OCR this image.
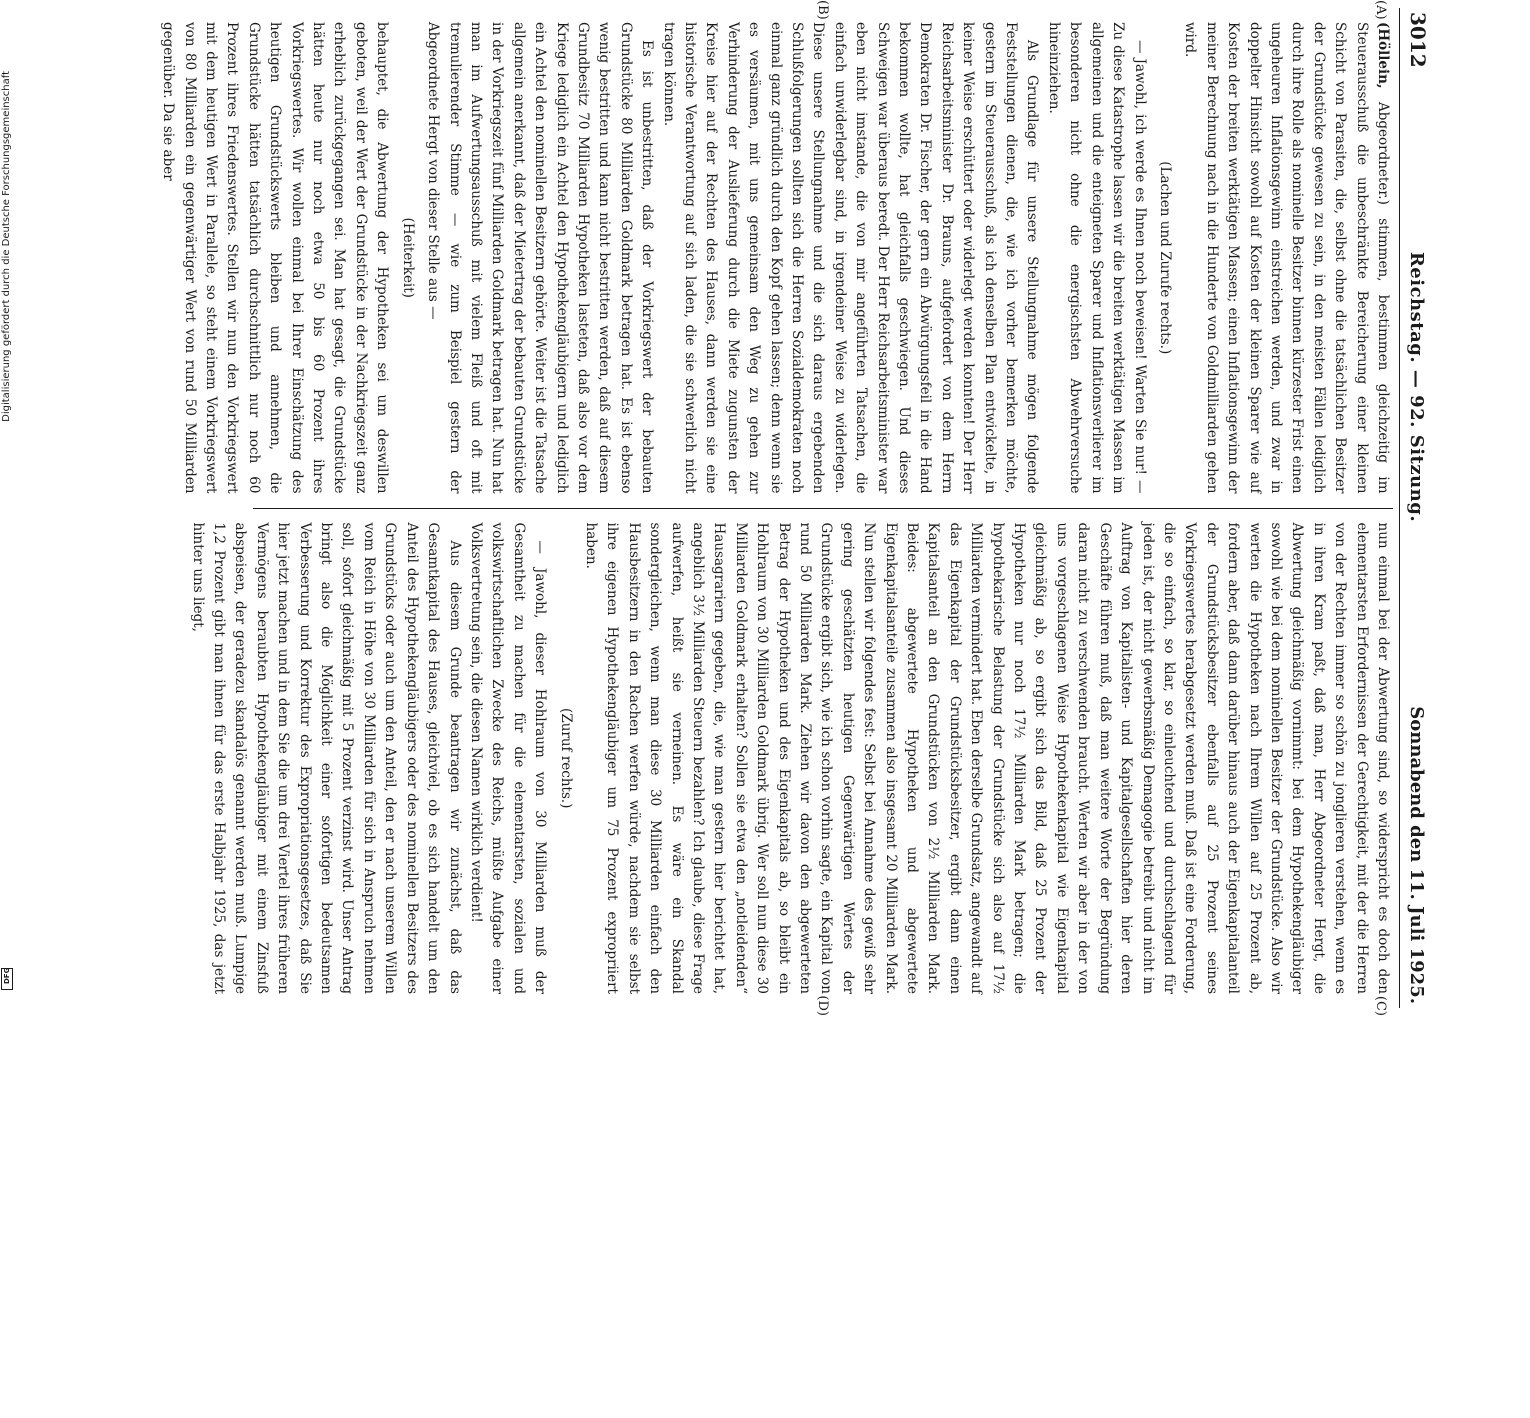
Digitalisierung gefördert durch die Deutsche Forschungsgemeinschaft
DFG
3012
Reichstag. — 92. Sitzung.
Sonnabend den 11. Juli 1925.
(A)
(B)

(Höllein, Abgeordneter.) stimmen, bestimmen gleichzeitig im Steuerausschuß die unbeschränkte Bereicherung einer kleinen Schicht von Parasiten, die, selbst ohne die tatsächlichen Besitzer der Grundstücke gewesen zu sein, in den meisten Fällen lediglich durch ihre Rolle als nominelle Besitzer binnen kürzester Frist einen ungeheuren Inflationsgewinn einstreichen werden, und zwar in doppelter Hinsicht sowohl auf Kosten der kleinen Sparer wie auf Kosten der breiten werktätigen Massen; einen Inflationsgewinn der meiner Berechnung nach in die Hunderte von Goldmilliarden gehen wird.

(Lachen und Zurufe rechts.)

— Jawohl, ich werde es Ihnen noch beweisen! Warten Sie nur! — Zu diese Katastrophe lassen wir die breiten werktätigen Massen im allgemeinen und die enteigneten Sparer und Inflationsverlierer im besonderen nicht ohne die energischsten Abwehrversuche hineinziehen.

Als Grundlage für unsere Stellungnahme mögen folgende Feststellungen dienen, die, wie ich vorher bemerken möchte, gestern im Steuerausschuß, als ich denselben Plan entwickelte, in keiner Weise erschüttert oder widerlegt werden konnten! Der Herr Reichsarbeitsminister Dr. Brauns, aufgefordert von dem Herrn Demokraten Dr. Fischer, der gern ein Abwürgungsfeil in die Hand bekommen wollte, hat gleichfalls geschwiegen. Und dieses Schweigen war überaus beredt. Der Herr Reichsarbeitsminister war eben nicht imstande, die von mir angeführten Tatsachen, die einfach unwiderlegbar sind, in irgendeiner Weise zu widerlegen. Diese unsere Stellungnahme und die sich daraus ergebenden Schlußfolgerungen sollten sich die Herren Sozialdemokraten noch einmal ganz gründlich durch den Kopf gehen lassen; denn wenn sie es versäumen, mit uns gemeinsam den Weg zu gehen zur Verhinderung der Auslieferung durch die Miete zugunsten der Kreise hier auf der Rechten des Hauses, dann werden sie eine historische Verantwortung auf sich laden, die sie schwerlich nicht tragen können.

Es ist unbestritten, daß der Vorkriegswert der bebauten Grundstücke 80 Milliarden Goldmark betragen hat. Es ist ebenso wenig bestritten und kann nicht bestritten werden, daß auf diesem Grundbesitz 70 Milliarden Hypotheken lasteten, daß also vor dem Kriege lediglich ein Achtel den Hypothekengläubigern und lediglich ein Achtel den nominellen Besitzern gehörte. Weiter ist die Tatsache allgemein anerkannt, daß der Mietertrag der bebauten Grundstücke in der Vorkriegszeit fünf Milliarden Goldmark betragen hat. Nun hat man im Aufwertungsausschuß mit vielem Fleiß und oft mit tremulierender Stimme — wie zum Beispiel gestern der Abgeordnete Hergt von dieser Stelle aus —

(Heiterkeit)

behauptet, die Abwertung der Hypotheken sei um deswillen geboten, weil der Wert der Grundstücke in der Nachkriegszeit ganz erheblich zurückgegangen sei. Man hat gesagt, die Grundstücke hätten heute nur noch etwa 50 bis 60 Prozent ihres Vorkriegswertes. Wir wollen einmal bei Ihrer Einschätzung des heutigen Grundstückswerts bleiben und annehmen, die Grundstücke hätten tatsächlich durchschnittlich nur noch 60 Prozent ihres Friedenswertes. Stellen wir nun den Vorkriegswert mit dem heutigen Wert in Parallele, so steht einem Vorkriegswert von 80 Milliarden ein gegenwärtiger Wert von rund 50 Milliarden gegenüber. Da sie aber

(C)
(D)

nun einmal bei der Abwertung sind, so widerspricht es doch den elementarsten Erfordernissen der Gerechtigkeit, mit der die Herren von der Rechten immer so schön zu jonglieren verstehen, wenn es in ihren Kram paßt, daß man, Herr Abgeordneter Hergt, die Abwertung gleichmäßig vornimmt: bei dem Hypothekengläubiger sowohl wie bei dem nominellen Besitzer der Grundstücke. Also wir werten die Hypotheken nach Ihrem Willen auf 25 Prozent ab, fordern aber, daß dann darüber hinaus auch der Eigenkapitalanteil der Grundstücksbesitzer ebenfalls auf 25 Prozent seines Vorkriegswertes herabgesetzt werden muß. Daß ist eine Forderung, die so einfach, so klar, so einleuchtend und durchschlagend für jeden ist, der nicht gewerbsmäßig Demagogie betreibt und nicht im Auftrag von Kapitalisten- und Kapitalgesellschaften hier deren Geschäfte führen muß, daß man weitere Worte der Begründung daran nicht zu verschwenden braucht. Werten wir aber in der von uns vorgeschlagenen Weise Hypothekenkapital wie Eigenkapital gleichmäßig ab, so ergibt sich das Bild, daß 25 Prozent der Hypotheken nur noch 17½ Milliarden Mark betragen; die hypothekarische Belastung der Grundstücke sich also auf 17½ Milliarden vermindert hat. Eben derselbe Grundsatz, angewandt auf das Eigenkapital der Grundstücksbesitzer, ergibt dann einen Kapitalsanteil an den Grundstücken von 2½ Milliarden Mark. Beides: abgewertete Hypotheken und abgewertete Eigenkapitalsanteile zusammen also insgesamt 20 Milliarden Mark. Nun stellen wir folgendes fest: Selbst bei Annahme des gewiß sehr gering geschätzten heutigen Gegenwärtigen Wertes der Grundstücke ergibt sich, wie ich schon vorhin sagte, ein Kapital von rund 50 Milliarden Mark. Ziehen wir davon den abgewerteten Betrag der Hypotheken und des Eigenkapitals ab, so bleibt ein Hohlraum von 30 Milliarden Goldmark übrig. Wer soll nun diese 30 Milliarden Goldmark erhalten? Sollen sie etwa den „notleidenden“ Hausagrariern gegeben, die, wie man gestern hier berichtet hat, angeblich 3½ Milliarden Steuern bezahlen? Ich glaube, diese Frage aufwerfen, heißt sie verneinen. Es wäre ein Skandal sondergleichen, wenn man diese 30 Milliarden einfach den Hausbesitzern in den Rachen werfen würde, nachdem sie selbst ihre eigenen Hypothekengläubiger um 75 Prozent expropriiert haben.

(Zuruf rechts.)

— Jawohl, dieser Hohlraum von 30 Milliarden muß der Gesamtheit zu machen für die elementarsten, sozialen und volkswirtschaftlichen Zwecke des Reichs, müßte Aufgabe einer Volksvertretung sein, die diesen Namen wirklich verdient!

Aus diesem Grunde beantragen wir zunächst, daß das Gesamtkapital des Hauses, gleichviel, ob es sich handelt um den Anteil des Hypothekengläubigers oder des nominellen Besitzers des Grundstücks oder auch um den Anteil, den er nach unserem Willen vom Reich in Höhe von 30 Milliarden für sich in Anspruch nehmen soll, sofort gleichmäßig mit 5 Prozent verzinst wird. Unser Antrag bringt also die Möglichkeit einer sofortigen bedeutsamen Verbesserung und Korrektur des Expropriationsgesetzes, daß Sie hier jetzt machen und in dem Sie die um drei Viertel ihres früheren Vermögens beraubten Hypothekengläubiger mit einem Zinsfuß abspeisen, der geradezu skandalös genannt werden muß. Lumpige 1,2 Prozent gibt man ihnen für das erste Halbjahr 1925, das jetzt hinter uns liegt,
